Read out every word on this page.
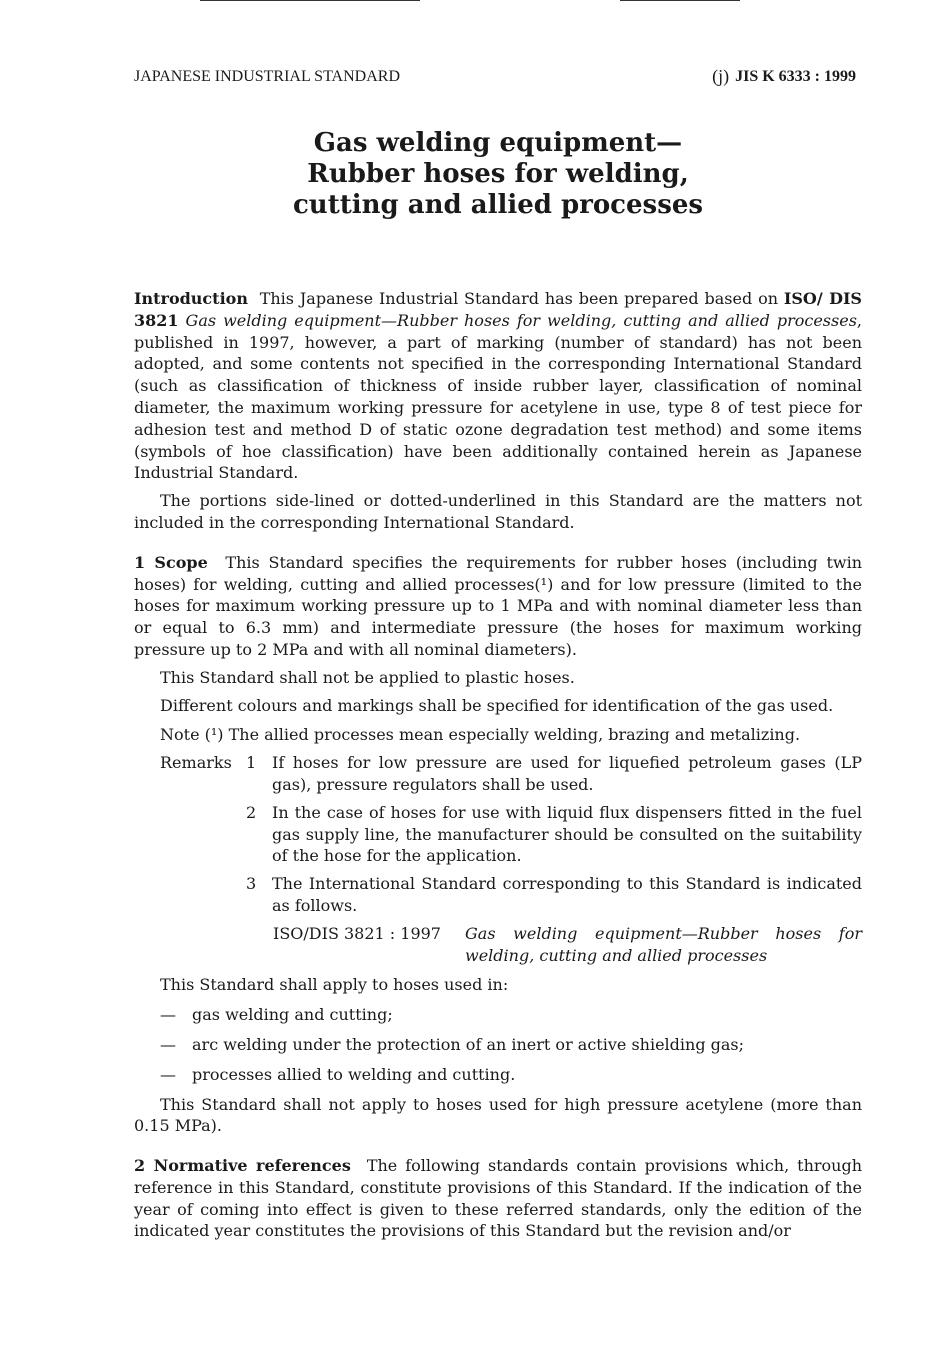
JAPANESE INDUSTRIAL STANDARD	(j) JIS K 6333 : 1999
Gas welding equipment—
Rubber hoses for welding,
cutting and allied processes

Introduction This Japanese Industrial Standard has been prepared based on ISO/ DIS 3821 Gas welding equipment—Rubber hoses for welding, cutting and allied processes, published in 1997, however, a part of marking (number of standard) has not been adopted, and some contents not specified in the corresponding International Standard (such as classification of thickness of inside rubber layer, classification of nominal diameter, the maximum working pressure for acetylene in use, type 8 of test piece for adhesion test and method D of static ozone degradation test method) and some items (symbols of hoe classification) have been additionally contained herein as Japanese Industrial Standard.

The portions side-lined or dotted-underlined in this Standard are the matters not included in the corresponding International Standard.

1 Scope This Standard specifies the requirements for rubber hoses (including twin hoses) for welding, cutting and allied processes(¹) and for low pressure (limited to the hoses for maximum working pressure up to 1 MPa and with nominal diameter less than or equal to 6.3 mm) and intermediate pressure (the hoses for maximum working pressure up to 2 MPa and with all nominal diameters).

This Standard shall not be applied to plastic hoses.

Different colours and markings shall be specified for identification of the gas used.

Note (¹) The allied processes mean especially welding, brazing and metalizing.

Remarks 1 If hoses for low pressure are used for liquefied petroleum gases (LP gas), pressure regulators shall be used.
2 In the case of hoses for use with liquid flux dispensers fitted in the fuel gas supply line, the manufacturer should be consulted on the suitability of the hose for the application.
3 The International Standard corresponding to this Standard is indicated as follows.
ISO/DIS 3821 : 1997	Gas welding equipment—Rubber hoses for welding, cutting and allied processes

This Standard shall apply to hoses used in:

—	gas welding and cutting;
—	arc welding under the protection of an inert or active shielding gas;
—	processes allied to welding and cutting.

This Standard shall not apply to hoses used for high pressure acetylene (more than 0.15 MPa).

2 Normative references The following standards contain provisions which, through reference in this Standard, constitute provisions of this Standard. If the indication of the year of coming into effect is given to these referred standards, only the edition of the indicated year constitutes the provisions of this Standard but the revision and/or
